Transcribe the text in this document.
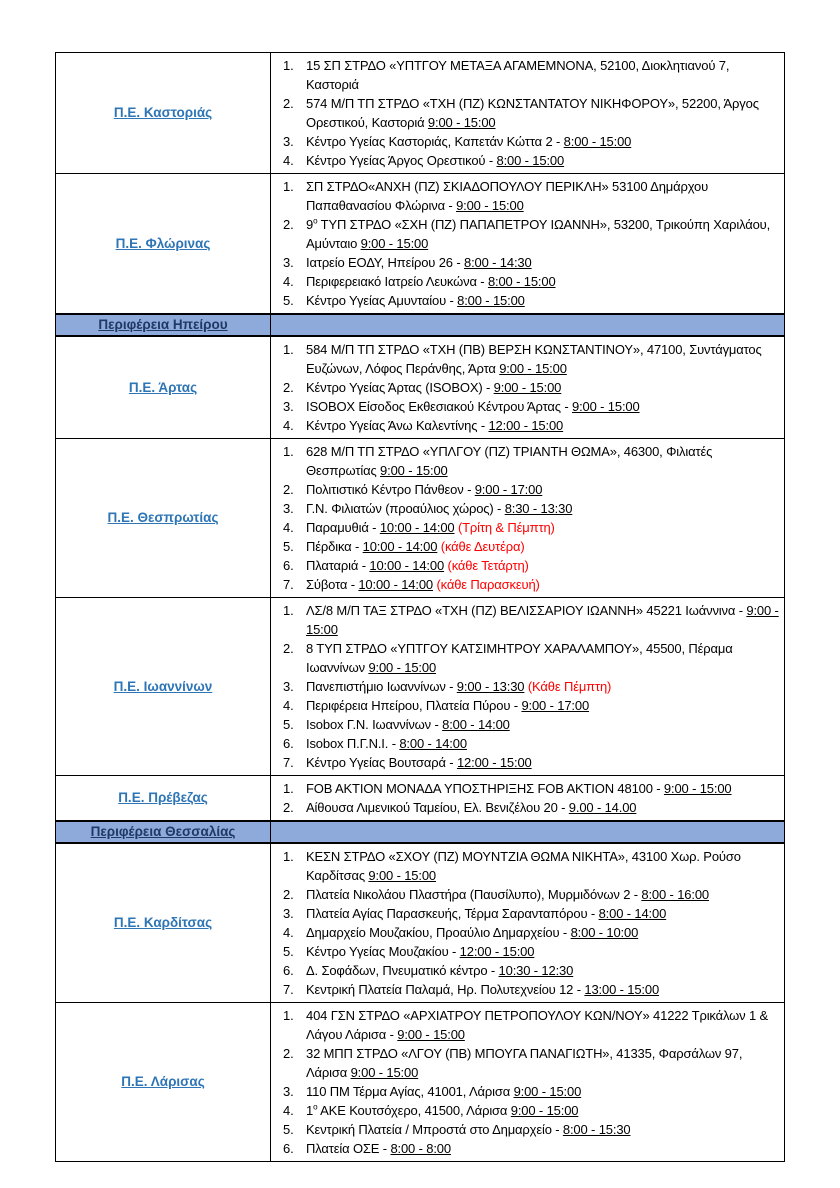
Π.Ε. Καστοριάς	
1. 15 ΣΠ ΣΤΡΔΟ «ΥΠΤΓΟΥ ΜΕΤΑΞΑ ΑΓΑΜΕΜΝΟΝΑ, 52100, Διοκλητιανού 7, Καστοριά
2. 574 Μ/Π ΤΠ ΣΤΡΔΟ «ΤΧΗ (ΠΖ) ΚΩΝΣΤΑΝΤΑΤΟΥ ΝΙΚΗΦΟΡΟΥ», 52200, Άργος Ορεστικού, Καστοριά 9:00 - 15:00
3. Κέντρο Υγείας Καστοριάς, Καπετάν Κώττα 2 - 8:00 - 15:00
4. Κέντρο Υγείας Άργος Ορεστικού - 8:00 - 15:00

Π.Ε. Φλώρινας	
1. ΣΠ ΣΤΡΔΟ«ΑΝΧΗ (ΠΖ) ΣΚΙΑΔΟΠΟΥΛΟΥ ΠΕΡΙΚΛΗ» 53100 Δημάρχου Παπαθανασίου Φλώρινα - 9:00 - 15:00
2. $9^o$ ΤΥΠ ΣΤΡΔΟ «ΣΧΗ (ΠΖ) ΠΑΠΑΠΕΤΡΟΥ ΙΩΑΝΝΗ», 53200, Τρικούπη Χαριλάου, Αμύνταιο 9:00 - 15:00
3. Ιατρείο ΕΟΔΥ, Ηπείρου 26 - 8:00 - 14:30
4. Περιφερειακό Ιατρείο Λευκώνα - 8:00 - 15:00
5. Κέντρο Υγείας Αμυνταίου - 8:00 - 15:00

Περιφέρεια Ηπείρου	
Π.Ε. Άρτας	
1. 584 Μ/Π ΤΠ ΣΤΡΔΟ «ΤΧΗ (ΠΒ) ΒΕΡΣΗ ΚΩΝΣΤΑΝΤΙΝΟΥ», 47100, Συντάγματος Ευζώνων, Λόφος Περάνθης, Άρτα 9:00 - 15:00
2. Κέντρο Υγείας Άρτας (ISOBOX) - 9:00 - 15:00
3. ISOBOX Είσοδος Εκθεσιακού Κέντρου Άρτας - 9:00 - 15:00
4. Κέντρο Υγείας Άνω Καλεντίνης - 12:00 - 15:00

Π.Ε. Θεσπρωτίας	
1. 628 Μ/Π ΤΠ ΣΤΡΔΟ «ΥΠΛΓΟΥ (ΠΖ) ΤΡΙΑΝΤΗ ΘΩΜΑ», 46300, Φιλιατές Θεσπρωτίας 9:00 - 15:00
2. Πολιτιστικό Κέντρο Πάνθεον - 9:00 - 17:00
3. Γ.Ν. Φιλιατών (προαύλιος χώρος) - 8:30 - 13:30
4. Παραμυθιά - 10:00 - 14:00 (Τρίτη & Πέμπτη)
5. Πέρδικα - 10:00 - 14:00 (κάθε Δευτέρα)
6. Πλαταριά - 10:00 - 14:00 (κάθε Τετάρτη)
7. Σύβοτα - 10:00 - 14:00 (κάθε Παρασκευή)

Π.Ε. Ιωαννίνων	
1. ΛΣ/8 Μ/Π ΤΑΞ ΣΤΡΔΟ «ΤΧΗ (ΠΖ) ΒΕΛΙΣΣΑΡΙΟΥ ΙΩΑΝΝΗ» 45221 Ιωάννινα - 9:00 - 15:00
2. 8 ΤΥΠ ΣΤΡΔΟ «ΥΠΤΓΟΥ ΚΑΤΣΙΜΗΤΡΟΥ ΧΑΡΑΛΑΜΠΟΥ», 45500, Πέραμα Ιωαννίνων 9:00 - 15:00
3. Πανεπιστήμιο Ιωαννίνων - 9:00 - 13:30 (Κάθε Πέμπτη)
4. Περιφέρεια Ηπείρου, Πλατεία Πύρου - 9:00 - 17:00
5. Isobox Γ.Ν. Ιωαννίνων - 8:00 - 14:00
6. Isobox Π.Γ.Ν.Ι. - 8:00 - 14:00
7. Κέντρο Υγείας Βουτσαρά - 12:00 - 15:00

Π.Ε. Πρέβεζας	
1. FOB AKTION ΜΟΝΑΔΑ ΥΠΟΣΤΗΡΙΞΗΣ FOB AKTION 48100 - 9:00 - 15:00
2. Αίθουσα Λιμενικού Ταμείου, Ελ. Βενιζέλου 20 - 9.00 - 14.00

Περιφέρεια Θεσσαλίας	
Π.Ε. Καρδίτσας	
1. ΚΕΣΝ ΣΤΡΔΟ «ΣΧΟΥ (ΠΖ) ΜΟΥΝΤΖΙΑ ΘΩΜΑ ΝΙΚΗΤΑ», 43100 Χωρ. Ρούσο Καρδίτσας 9:00 - 15:00
2. Πλατεία Νικολάου Πλαστήρα (Παυσίλυπο), Μυρμιδόνων 2 - 8:00 - 16:00
3. Πλατεία Αγίας Παρασκευής, Τέρμα Σαρανταπόρου - 8:00 - 14:00
4. Δημαρχείο Μουζακίου, Προαύλιο Δημαρχείου - 8:00 - 10:00
5. Κέντρο Υγείας Μουζακίου - 12:00 - 15:00
6. Δ. Σοφάδων, Πνευματικό κέντρο - 10:30 - 12:30
7. Κεντρική Πλατεία Παλαμά, Ηρ. Πολυτεχνείου 12 - 13:00 - 15:00

Π.Ε. Λάρισας	
1. 404 ΓΣΝ ΣΤΡΔΟ «ΑΡΧΙΑΤΡΟΥ ΠΕΤΡΟΠΟΥΛΟΥ ΚΩΝ/ΝΟΥ» 41222 Τρικάλων 1 & Λάγου Λάρισα - 9:00 - 15:00
2. 32 ΜΠΠ ΣΤΡΔΟ «ΛΓΟΥ (ΠΒ) ΜΠΟΥΓΑ ΠΑΝΑΓΙΩΤΗ», 41335, Φαρσάλων 97, Λάρισα 9:00 - 15:00
3. 110 ΠΜ Τέρμα Αγίας, 41001, Λάρισα 9:00 - 15:00
4. $1^o$ ΑΚΕ Κουτσόχερο, 41500, Λάρισα 9:00 - 15:00
5. Κεντρική Πλατεία / Μπροστά στο Δημαρχείο - 8:00 - 15:30
6. Πλατεία ΟΣΕ - 8:00 - 8:00
